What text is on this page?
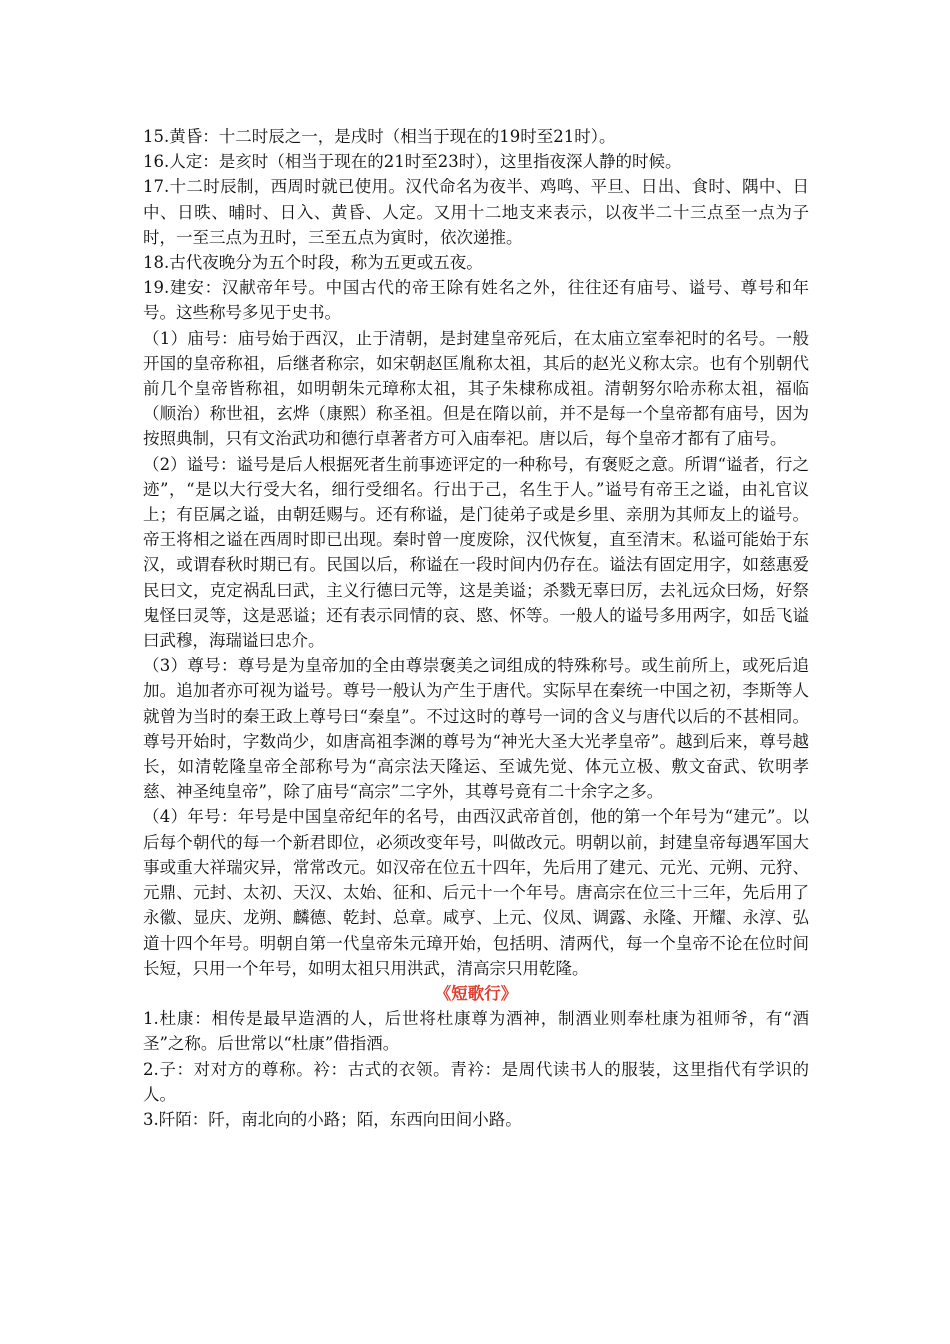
15.黄昏：十二时辰之一，是戌时（相当于现在的19时至21时）。

16.人定：是亥时（相当于现在的21时至23时），这里指夜深人静的时候。

17.十二时辰制，西周时就已使用。汉代命名为夜半、鸡鸣、平旦、日出、食时、隅中、日中、日昳、晡时、日入、黄昏、人定。又用十二地支来表示，以夜半二十三点至一点为子时，一至三点为丑时，三至五点为寅时，依次递推。

18.古代夜晚分为五个时段，称为五更或五夜。

19.建安：汉献帝年号。中国古代的帝王除有姓名之外，往往还有庙号、谥号、尊号和年号。这些称号多见于史书。

（1）庙号：庙号始于西汉，止于清朝，是封建皇帝死后，在太庙立室奉祀时的名号。一般开国的皇帝称祖，后继者称宗，如宋朝赵匡胤称太祖，其后的赵光义称太宗。也有个别朝代前几个皇帝皆称祖，如明朝朱元璋称太祖，其子朱棣称成祖。清朝努尔哈赤称太祖，福临（顺治）称世祖，玄烨（康熙）称圣祖。但是在隋以前，并不是每一个皇帝都有庙号，因为按照典制，只有文治武功和德行卓著者方可入庙奉祀。唐以后，每个皇帝才都有了庙号。

（2）谥号：谥号是后人根据死者生前事迹评定的一种称号，有褒贬之意。所谓“谥者，行之迹”，“是以大行受大名，细行受细名。行出于己，名生于人。”谥号有帝王之谥，由礼官议上；有臣属之谥，由朝廷赐与。还有称谥，是门徒弟子或是乡里、亲朋为其师友上的谥号。帝王将相之谥在西周时即已出现。秦时曾一度废除，汉代恢复，直至清末。私谥可能始于东汉，或谓春秋时期已有。民国以后，称谥在一段时间内仍存在。谥法有固定用字，如慈惠爱民曰文，克定祸乱曰武，主义行德曰元等，这是美谥；杀戮无辜曰厉，去礼远众曰炀，好祭鬼怪曰灵等，这是恶谥；还有表示同情的哀、愍、怀等。一般人的谥号多用两字，如岳飞谥曰武穆，海瑞谥曰忠介。

（3）尊号：尊号是为皇帝加的全由尊崇褒美之词组成的特殊称号。或生前所上，或死后追加。追加者亦可视为谥号。尊号一般认为产生于唐代。实际早在秦统一中国之初，李斯等人就曾为当时的秦王政上尊号曰“秦皇”。不过这时的尊号一词的含义与唐代以后的不甚相同。尊号开始时，字数尚少，如唐高祖李渊的尊号为“神光大圣大光孝皇帝”。越到后来，尊号越长，如清乾隆皇帝全部称号为“高宗法天隆运、至诚先觉、体元立极、敷文奋武、钦明孝慈、神圣纯皇帝”，除了庙号“高宗”二字外，其尊号竟有二十余字之多。

（4）年号：年号是中国皇帝纪年的名号，由西汉武帝首创，他的第一个年号为“建元”。以后每个朝代的每一个新君即位，必须改变年号，叫做改元。明朝以前，封建皇帝每遇军国大事或重大祥瑞灾异，常常改元。如汉帝在位五十四年，先后用了建元、元光、元朔、元狩、元鼎、元封、太初、天汉、太始、征和、后元十一个年号。唐高宗在位三十三年，先后用了永徽、显庆、龙朔、麟德、乾封、总章。咸亨、上元、仪凤、调露、永隆、开耀、永淳、弘道十四个年号。明朝自第一代皇帝朱元璋开始，包括明、清两代，每一个皇帝不论在位时间长短，只用一个年号，如明太祖只用洪武，清高宗只用乾隆。

《短歌行》

1.杜康：相传是最早造酒的人，后世将杜康尊为酒神，制酒业则奉杜康为祖师爷，有“酒圣”之称。后世常以“杜康”借指酒。

2.子：对对方的尊称。衿：古式的衣领。青衿：是周代读书人的服装，这里指代有学识的人。

3.阡陌：阡，南北向的小路；陌，东西向田间小路。
